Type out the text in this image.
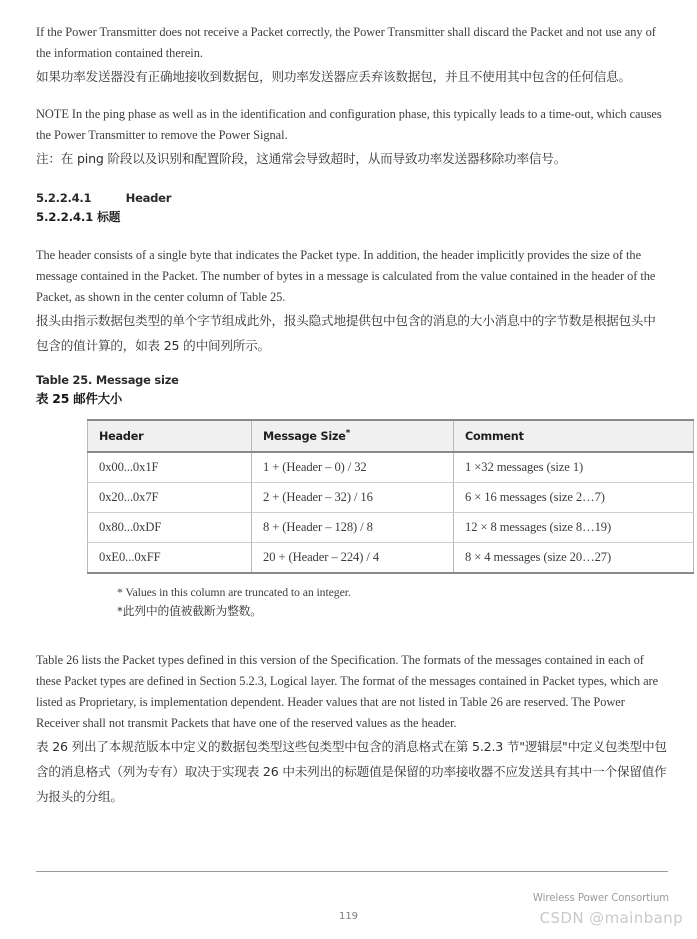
If the Power Transmitter does not receive a Packet correctly, the Power Transmitter shall discard the Packet and not use any of the information contained therein.

如果功率发送器没有正确地接收到数据包，则功率发送器应丢弃该数据包，并且不使用其中包含的任何信息。

NOTE In the ping phase as well as in the identification and configuration phase, this typically leads to a time-out, which causes the Power Transmitter to remove the Power Signal.

注：在 ping 阶段以及识别和配置阶段，这通常会导致超时，从而导致功率发送器移除功率信号。

5.2.2.4.1		Header

5.2.2.4.1 标题

The header consists of a single byte that indicates the Packet type. In addition, the header implicitly provides the size of the message contained in the Packet. The number of bytes in a message is calculated from the value contained in the header of the Packet, as shown in the center column of Table 25.

报头由指示数据包类型的单个字节组成此外，报头隐式地提供包中包含的消息的大小消息中的字节数是根据包头中包含的值计算的，如表 25 的中间列所示。

Table 25. Message size

表 25 邮件大小

Header	Message Size*	Comment
0x00...0x1F	1 + (Header – 0) / 32	1 ×32 messages (size 1)
0x20...0x7F	2 + (Header – 32) / 16	6 × 16 messages (size 2…7)
0x80...0xDF	8 + (Header – 128) / 8	12 × 8 messages (size 8…19)
0xE0...0xFF	20 + (Header – 224) / 4	8 × 4 messages (size 20…27)

* Values in this column are truncated to an integer.

*此列中的值被截断为整数。

Table 26 lists the Packet types defined in this version of the Specification. The formats of the messages contained in each of these Packet types are defined in Section 5.2.3, Logical layer. The format of the messages contained in Packet types, which are listed as Proprietary, is implementation dependent. Header values that are not listed in Table 26 are reserved. The Power Receiver shall not transmit Packets that have one of the reserved values as the header.

表 26 列出了本规范版本中定义的数据包类型这些包类型中包含的消息格式在第 5.2.3 节"逻辑层"中定义包类型中包含的消息格式（列为专有）取决于实现表 26 中未列出的标题值是保留的功率接收器不应发送具有其中一个保留值作为报头的分组。

119
Wireless Power Consortium
CSDN @mainbanp
